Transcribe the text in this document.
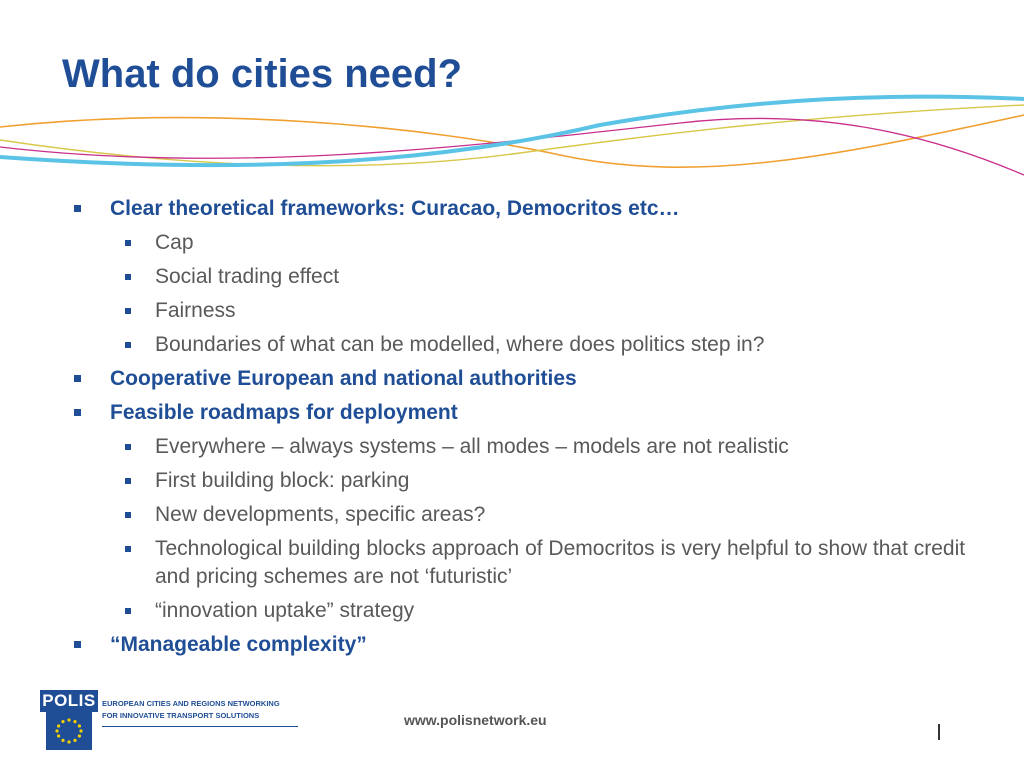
What do cities need?

Clear theoretical frameworks: Curacao, Democritos etc…

Cap

Social trading effect

Fairness

Boundaries of what can be modelled, where does politics step in?

Cooperative European and national authorities

Feasible roadmaps for deployment

Everywhere – always systems – all modes – models are not realistic

First building block: parking

New developments, specific areas?

Technological building blocks approach of Democritos is very helpful to show that credit and pricing schemes are not ‘futuristic’

“innovation uptake” strategy

“Manageable complexity”

POLIS EUROPEAN CITIES AND REGIONS NETWORKING
FOR INNOVATIVE TRANSPORT SOLUTIONS	www.polisnetwork.eu
